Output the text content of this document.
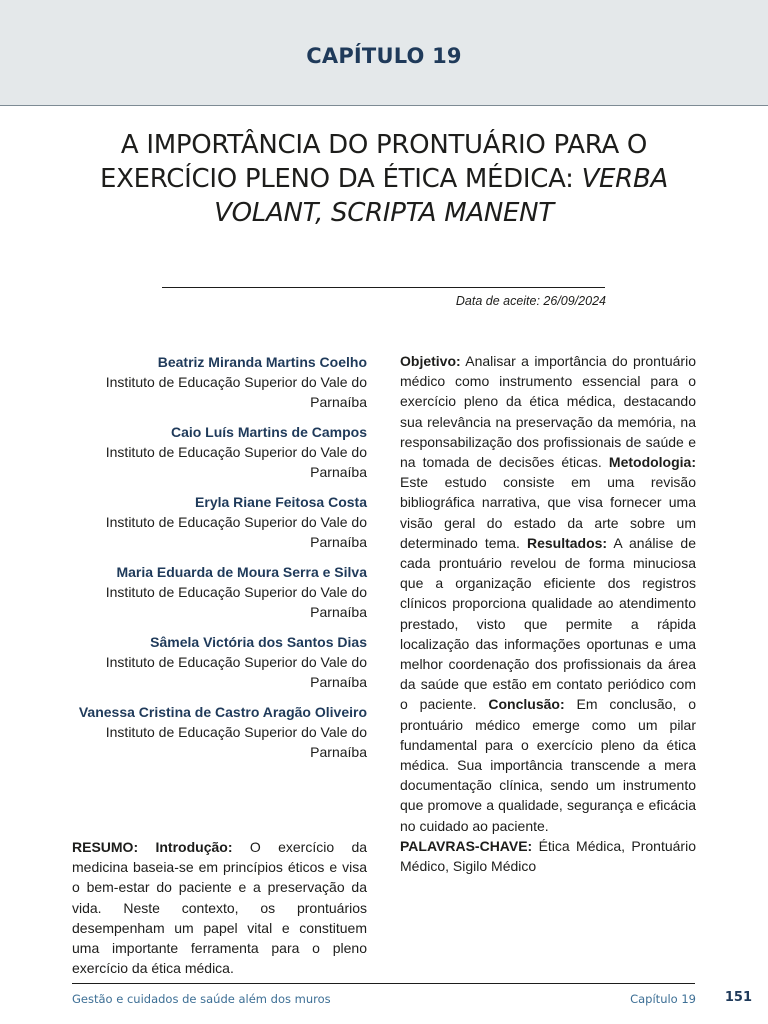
CAPÍTULO 19
A IMPORTÂNCIA DO PRONTUÁRIO PARA O EXERCÍCIO PLENO DA ÉTICA MÉDICA: VERBA VOLANT, SCRIPTA MANENT
Data de aceite: 26/09/2024
Beatriz Miranda Martins Coelho
Instituto de Educação Superior do Vale do Parnaíba
Caio Luís Martins de Campos
Instituto de Educação Superior do Vale do Parnaíba
Eryla Riane Feitosa Costa
Instituto de Educação Superior do Vale do Parnaíba
Maria Eduarda de Moura Serra e Silva
Instituto de Educação Superior do Vale do Parnaíba
Sâmela Victória dos Santos Dias
Instituto de Educação Superior do Vale do Parnaíba
Vanessa Cristina de Castro Aragão Oliveiro
Instituto de Educação Superior do Vale do Parnaíba
RESUMO: Introdução: O exercício da medicina baseia-se em princípios éticos e visa o bem-estar do paciente e a preservação da vida. Neste contexto, os prontuários desempenham um papel vital e constituem uma importante ferramenta para o pleno exercício da ética médica.
Objetivo: Analisar a importância do prontuário médico como instrumento essencial para o exercício pleno da ética médica, destacando sua relevância na preservação da memória, na responsabilização dos profissionais de saúde e na tomada de decisões éticas. Metodologia: Este estudo consiste em uma revisão bibliográfica narrativa, que visa fornecer uma visão geral do estado da arte sobre um determinado tema. Resultados: A análise de cada prontuário revelou de forma minuciosa que a organização eficiente dos registros clínicos proporciona qualidade ao atendimento prestado, visto que permite a rápida localização das informações oportunas e uma melhor coordenação dos profissionais da área da saúde que estão em contato periódico com o paciente. Conclusão: Em conclusão, o prontuário médico emerge como um pilar fundamental para o exercício pleno da ética médica. Sua importância transcende a mera documentação clínica, sendo um instrumento que promove a qualidade, segurança e eficácia no cuidado ao paciente.
PALAVRAS-CHAVE: Ética Médica, Prontuário Médico, Sigilo Médico
Gestão e cuidados de saúde além dos muros	Capítulo 19	151
